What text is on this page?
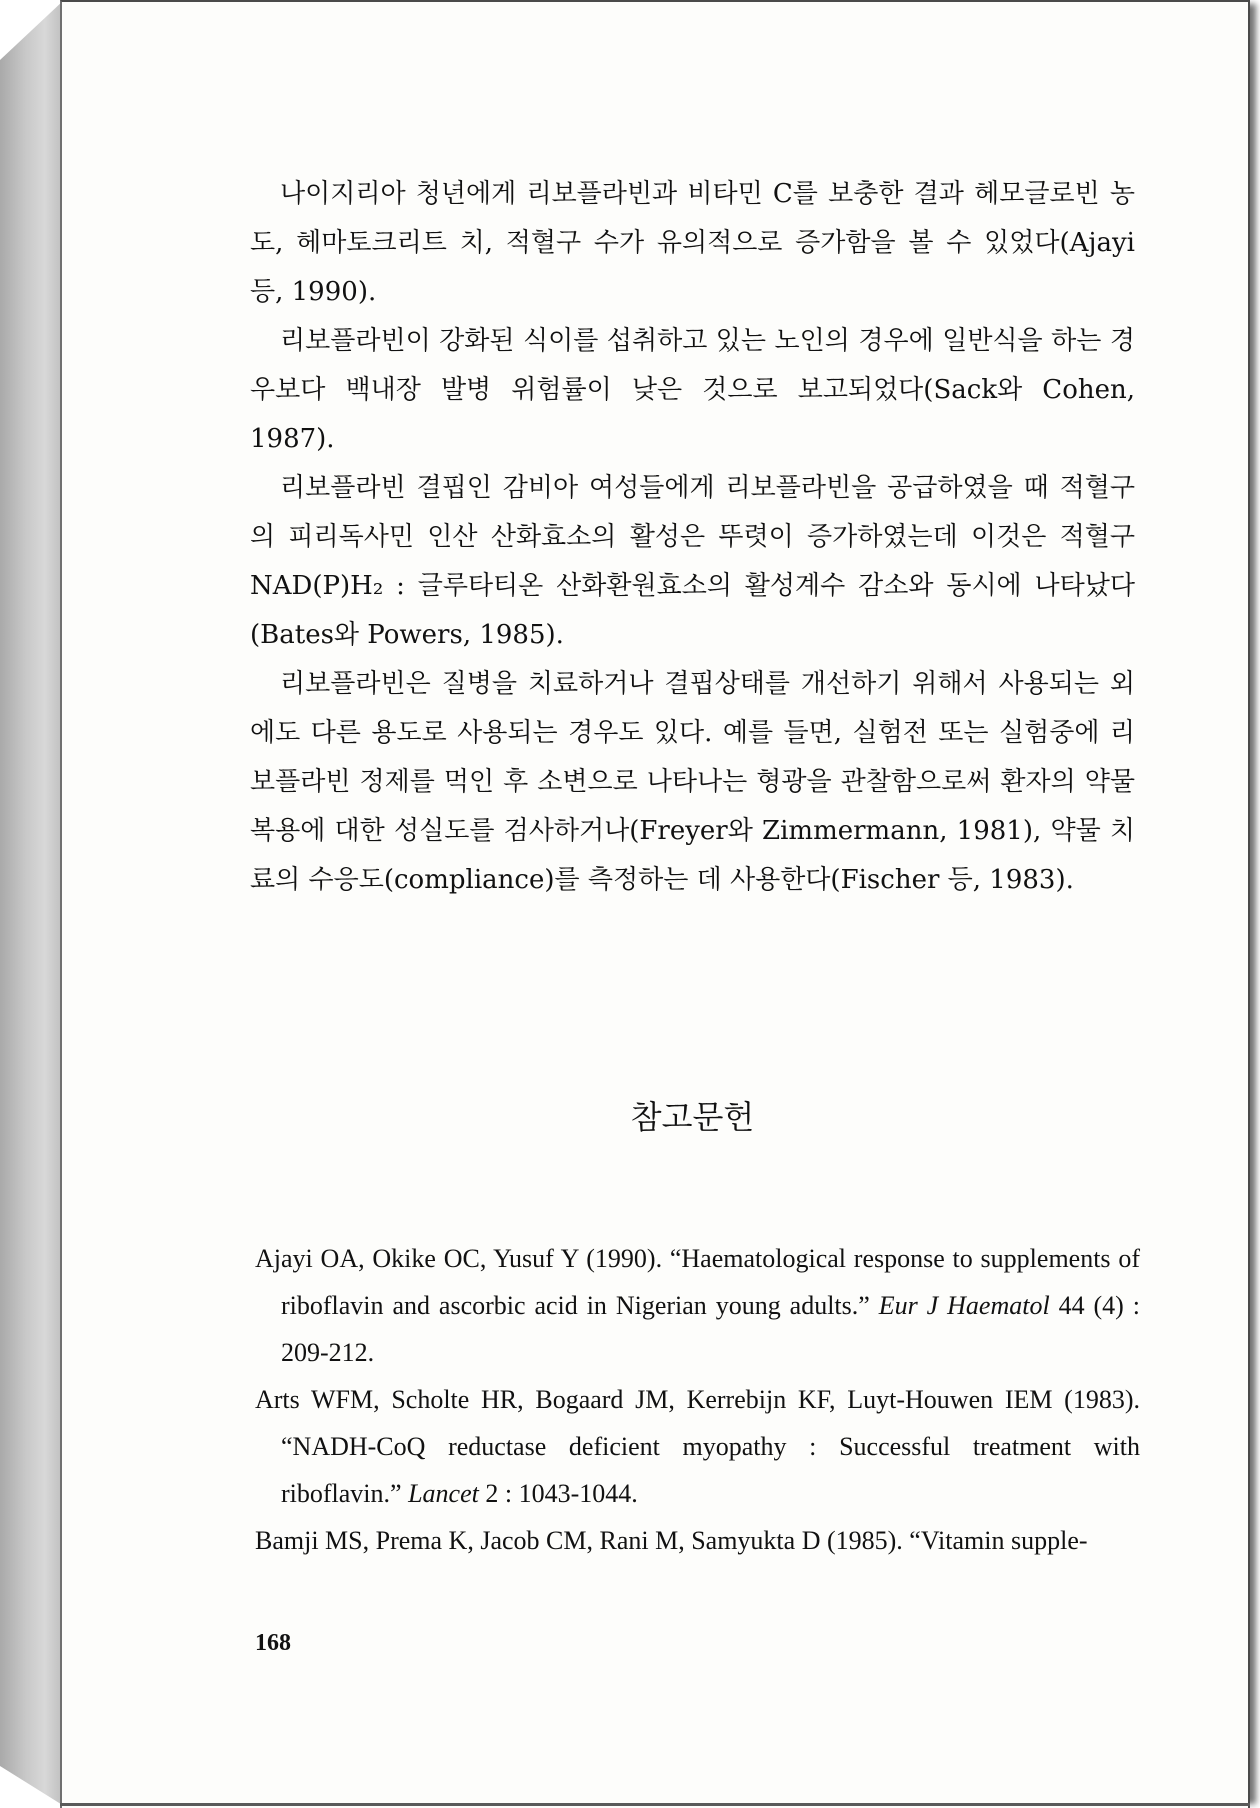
나이지리아 청년에게 리보플라빈과 비타민 C를 보충한 결과 헤모글로빈 농도, 헤마토크리트 치, 적혈구 수가 유의적으로 증가함을 볼 수 있었다(Ajayi 등, 1990).

리보플라빈이 강화된 식이를 섭취하고 있는 노인의 경우에 일반식을 하는 경우보다 백내장 발병 위험률이 낮은 것으로 보고되었다(Sack와 Cohen, 1987).

리보플라빈 결핍인 감비아 여성들에게 리보플라빈을 공급하였을 때 적혈구의 피리독사민 인산 산화효소의 활성은 뚜렷이 증가하였는데 이것은 적혈구 NAD(P)H₂ : 글루타티온 산화환원효소의 활성계수 감소와 동시에 나타났다(Bates와 Powers, 1985).

리보플라빈은 질병을 치료하거나 결핍상태를 개선하기 위해서 사용되는 외에도 다른 용도로 사용되는 경우도 있다. 예를 들면, 실험전 또는 실험중에 리보플라빈 정제를 먹인 후 소변으로 나타나는 형광을 관찰함으로써 환자의 약물복용에 대한 성실도를 검사하거나(Freyer와 Zimmermann, 1981), 약물 치료의 수응도(compliance)를 측정하는 데 사용한다(Fischer 등, 1983).

참고문헌

Ajayi OA, Okike OC, Yusuf Y (1990). “Haematological response to supplements of riboflavin and ascorbic acid in Nigerian young adults.” Eur J Haematol 44 (4) : 209-212.

Arts WFM, Scholte HR, Bogaard JM, Kerrebijn KF, Luyt-Houwen IEM (1983). “NADH-CoQ reductase deficient myopathy : Successful treatment with riboflavin.” Lancet 2 : 1043-1044.

Bamji MS, Prema K, Jacob CM, Rani M, Samyukta D (1985). “Vitamin supple-

168
